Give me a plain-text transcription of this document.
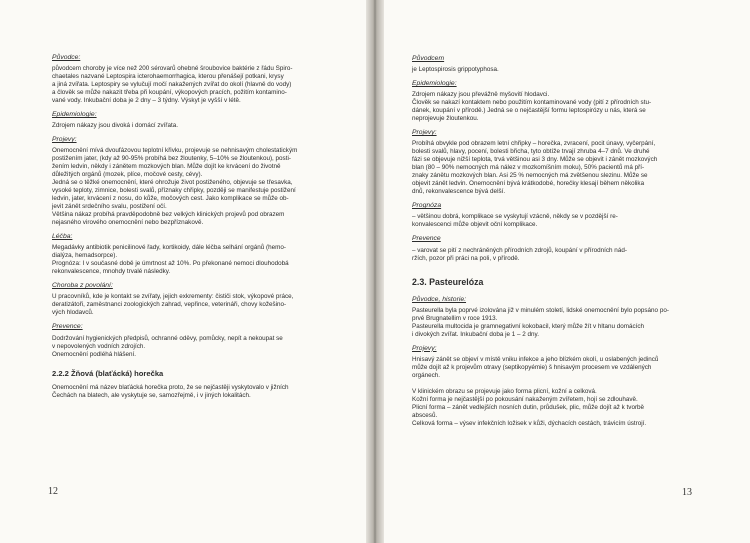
Původce:
původcem choroby je více než 200 sérovarů ohebné šroubovice baktérie z řádu Spiro-
chaetales nazvané Leptospira icterohaemorrhagica, kterou přenášejí potkani, krysy
a jiná zvířata. Leptospiry se vylučují močí nakažených zvířat do okolí (hlavně do vody)
a člověk se může nakazit třeba při koupání, výkopových pracích, požitím kontamino-
vané vody. Inkubační doba je 2 dny – 3 týdny. Výskyt je vyšší v létě.
Epidemiologie:
Zdrojem nákazy jsou divoká i domácí zvířata.
Projevy:
Onemocnění mívá dvoufázovou teplotní křivku, projevuje se nehnisavým cholestatickým
postižením jater, (kdy až 90-95% probíhá bez žloutenky, 5–10% se žloutenkou), posti-
žením ledvin, někdy i zánětem mozkových blan. Může dojít ke krvácení do životně
důležitých orgánů (mozek, plíce, močové cesty, cévy).
Jedná se o těžké onemocnění, které ohrožuje život postiženého, objevuje se třesavka,
vysoké teploty, zimnice, bolesti svalů, příznaky chřipky, později se manifestuje postižení
ledvin, jater, krvácení z nosu, do kůže, močových cest. Jako komplikace se může ob-
jevit zánět srdečního svalu, postižení očí.
Většina nákaz probíhá pravděpodobně bez velkých klinických projevů pod obrazem
nejasného virového onemocnění nebo bezpříznakově.
Léčba:
Megadávky antibiotik penicilinové řady, kortikoidy, dále léčba selhání orgánů (hemo-
dialýza, hemadsorpce).
Prognóza: I v současné době je úmrtnost až 10%. Po překonané nemoci dlouhodobá
rekonvalescence, mnohdy trvalé následky.
Choroba z povolání:
U pracovníků, kde je kontakt se zvířaty, jejich exkrementy: čističi stok, výkopové práce,
deratizátoři, zaměstnanci zoologických zahrad, vepřince, veterináři, chovy kožešino-
vých hlodavců.
Prevence:
Dodržování hygienických předpisů, ochranné oděvy, pomůcky, nepít a nekoupat se
v nepovolených vodních zdrojích.
Onemocnění podléhá hlášení.
2.2.2 Žňová (blaťácká) horečka
Onemocnění má název blaťácká horečka proto, že se nejčastěji vyskytovalo v jižních
Čechách na blatech, ale vyskytuje se, samozřejmě, i v jiných lokalitách.
12
Původcem
je Leptospirosis grippotyphosa.
Epidemiologie:
Zdrojem nákazy jsou převážně myšovití hlodavci.
Člověk se nakazí kontaktem nebo použitím kontaminované vody (pití z přírodních stu-
dánek, koupání v přírodě.) Jedná se o nejčastější formu leptospirózy u nás, která se
neprojevuje žloutenkou.
Projevy:
Probíhá obvykle pod obrazem letní chřipky – horečka, zvracení, pocit únavy, vyčerpání,
bolesti svalů, hlavy, pocení, bolesti břicha, tyto obtíže trvají zhruba 4–7 dnů. Ve druhé
fázi se objevuje nižší teplota, trvá většinou asi 3 dny. Může se objevit i zánět mozkových
blan (80 – 90% nemocných má nález v mozkomíšním moku), 50% pacientů má pří-
znaky zánětu mozkových blan. Asi 25 % nemocných má zvětšenou slezinu. Může se
objevit zánět ledvin. Onemocnění bývá krátkodobé, horečky klesají během několika
dnů, rekonvalescence bývá delší.
Prognóza
– většinou dobrá, komplikace se vyskytují vzácně, někdy se v pozdější re-
konvalescenci může objevit oční komplikace.
Prevence
– varovat se pití z nechráněných přírodních zdrojů, koupání v přírodních nád-
ržích, pozor při práci na poli, v přírodě.
2.3. Pasteurelóza
Původce, historie:
Pasteurella byla poprvé izolována již v minulém století, lidské onemocnění bylo popsáno po-
prvé Brugnatellim v roce 1913.
Pasteurella multocida je gramnegativní kokobacil, který může žít v hltanu domácích
i divokých zvířat. Inkubační doba je 1 – 2 dny.
Projevy:
Hnisavý zánět se objeví v místě vniku infekce a jeho blízkém okolí, u oslabených jedinců
může dojít až k projevům otravy (septikopyémie) š hnisavým procesem ve vzdálených
orgánech.

V klinickém obrazu se projevuje jako forma plicní, kožní a celková.
Kožní forma je nejčastější po pokousání nakaženým zvířetem, hojí se zdlouhavě.
Plicní forma – zánět vedlejších nosních dutin, průdušek, plic, může dojít až k tvorbě
abscesů.
Celková forma – výsev infekčních ložisek v kůži, dýchacích cestách, trávicím ústrojí.
13
